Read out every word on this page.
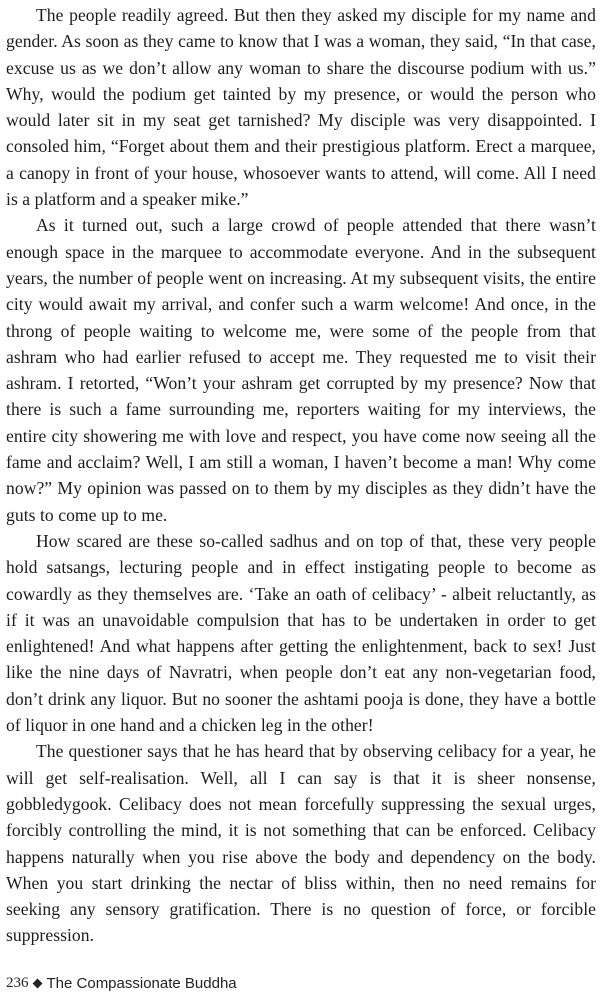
The people readily agreed. But then they asked my disciple for my name and gender. As soon as they came to know that I was a woman, they said, “In that case, excuse us as we don’t allow any woman to share the discourse podium with us.” Why, would the podium get tainted by my presence, or would the person who would later sit in my seat get tarnished? My disciple was very disappointed. I consoled him, “Forget about them and their prestigious platform. Erect a marquee, a canopy in front of your house, whosoever wants to attend, will come. All I need is a platform and a speaker mike.”

As it turned out, such a large crowd of people attended that there wasn’t enough space in the marquee to accommodate everyone. And in the subsequent years, the number of people went on increasing. At my subsequent visits, the entire city would await my arrival, and confer such a warm welcome! And once, in the throng of people waiting to welcome me, were some of the people from that ashram who had earlier refused to accept me. They requested me to visit their ashram. I retorted, “Won’t your ashram get corrupted by my presence? Now that there is such a fame surrounding me, reporters waiting for my interviews, the entire city showering me with love and respect, you have come now seeing all the fame and acclaim? Well, I am still a woman, I haven’t become a man! Why come now?” My opinion was passed on to them by my disciples as they didn’t have the guts to come up to me.

How scared are these so-called sadhus and on top of that, these very people hold satsangs, lecturing people and in effect instigating people to become as cowardly as they themselves are. ‘Take an oath of celibacy’ - albeit reluctantly, as if it was an unavoidable compulsion that has to be undertaken in order to get enlightened! And what happens after getting the enlightenment, back to sex! Just like the nine days of Navratri, when people don’t eat any non-vegetarian food, don’t drink any liquor. But no sooner the ashtami pooja is done, they have a bottle of liquor in one hand and a chicken leg in the other!

The questioner says that he has heard that by observing celibacy for a year, he will get self-realisation. Well, all I can say is that it is sheer nonsense, gobbledygook. Celibacy does not mean forcefully suppressing the sexual urges, forcibly controlling the mind, it is not something that can be enforced. Celibacy happens naturally when you rise above the body and dependency on the body. When you start drinking the nectar of bliss within, then no need remains for seeking any sensory gratification. There is no question of force, or forcible suppression.

236 The Compassionate Buddha
